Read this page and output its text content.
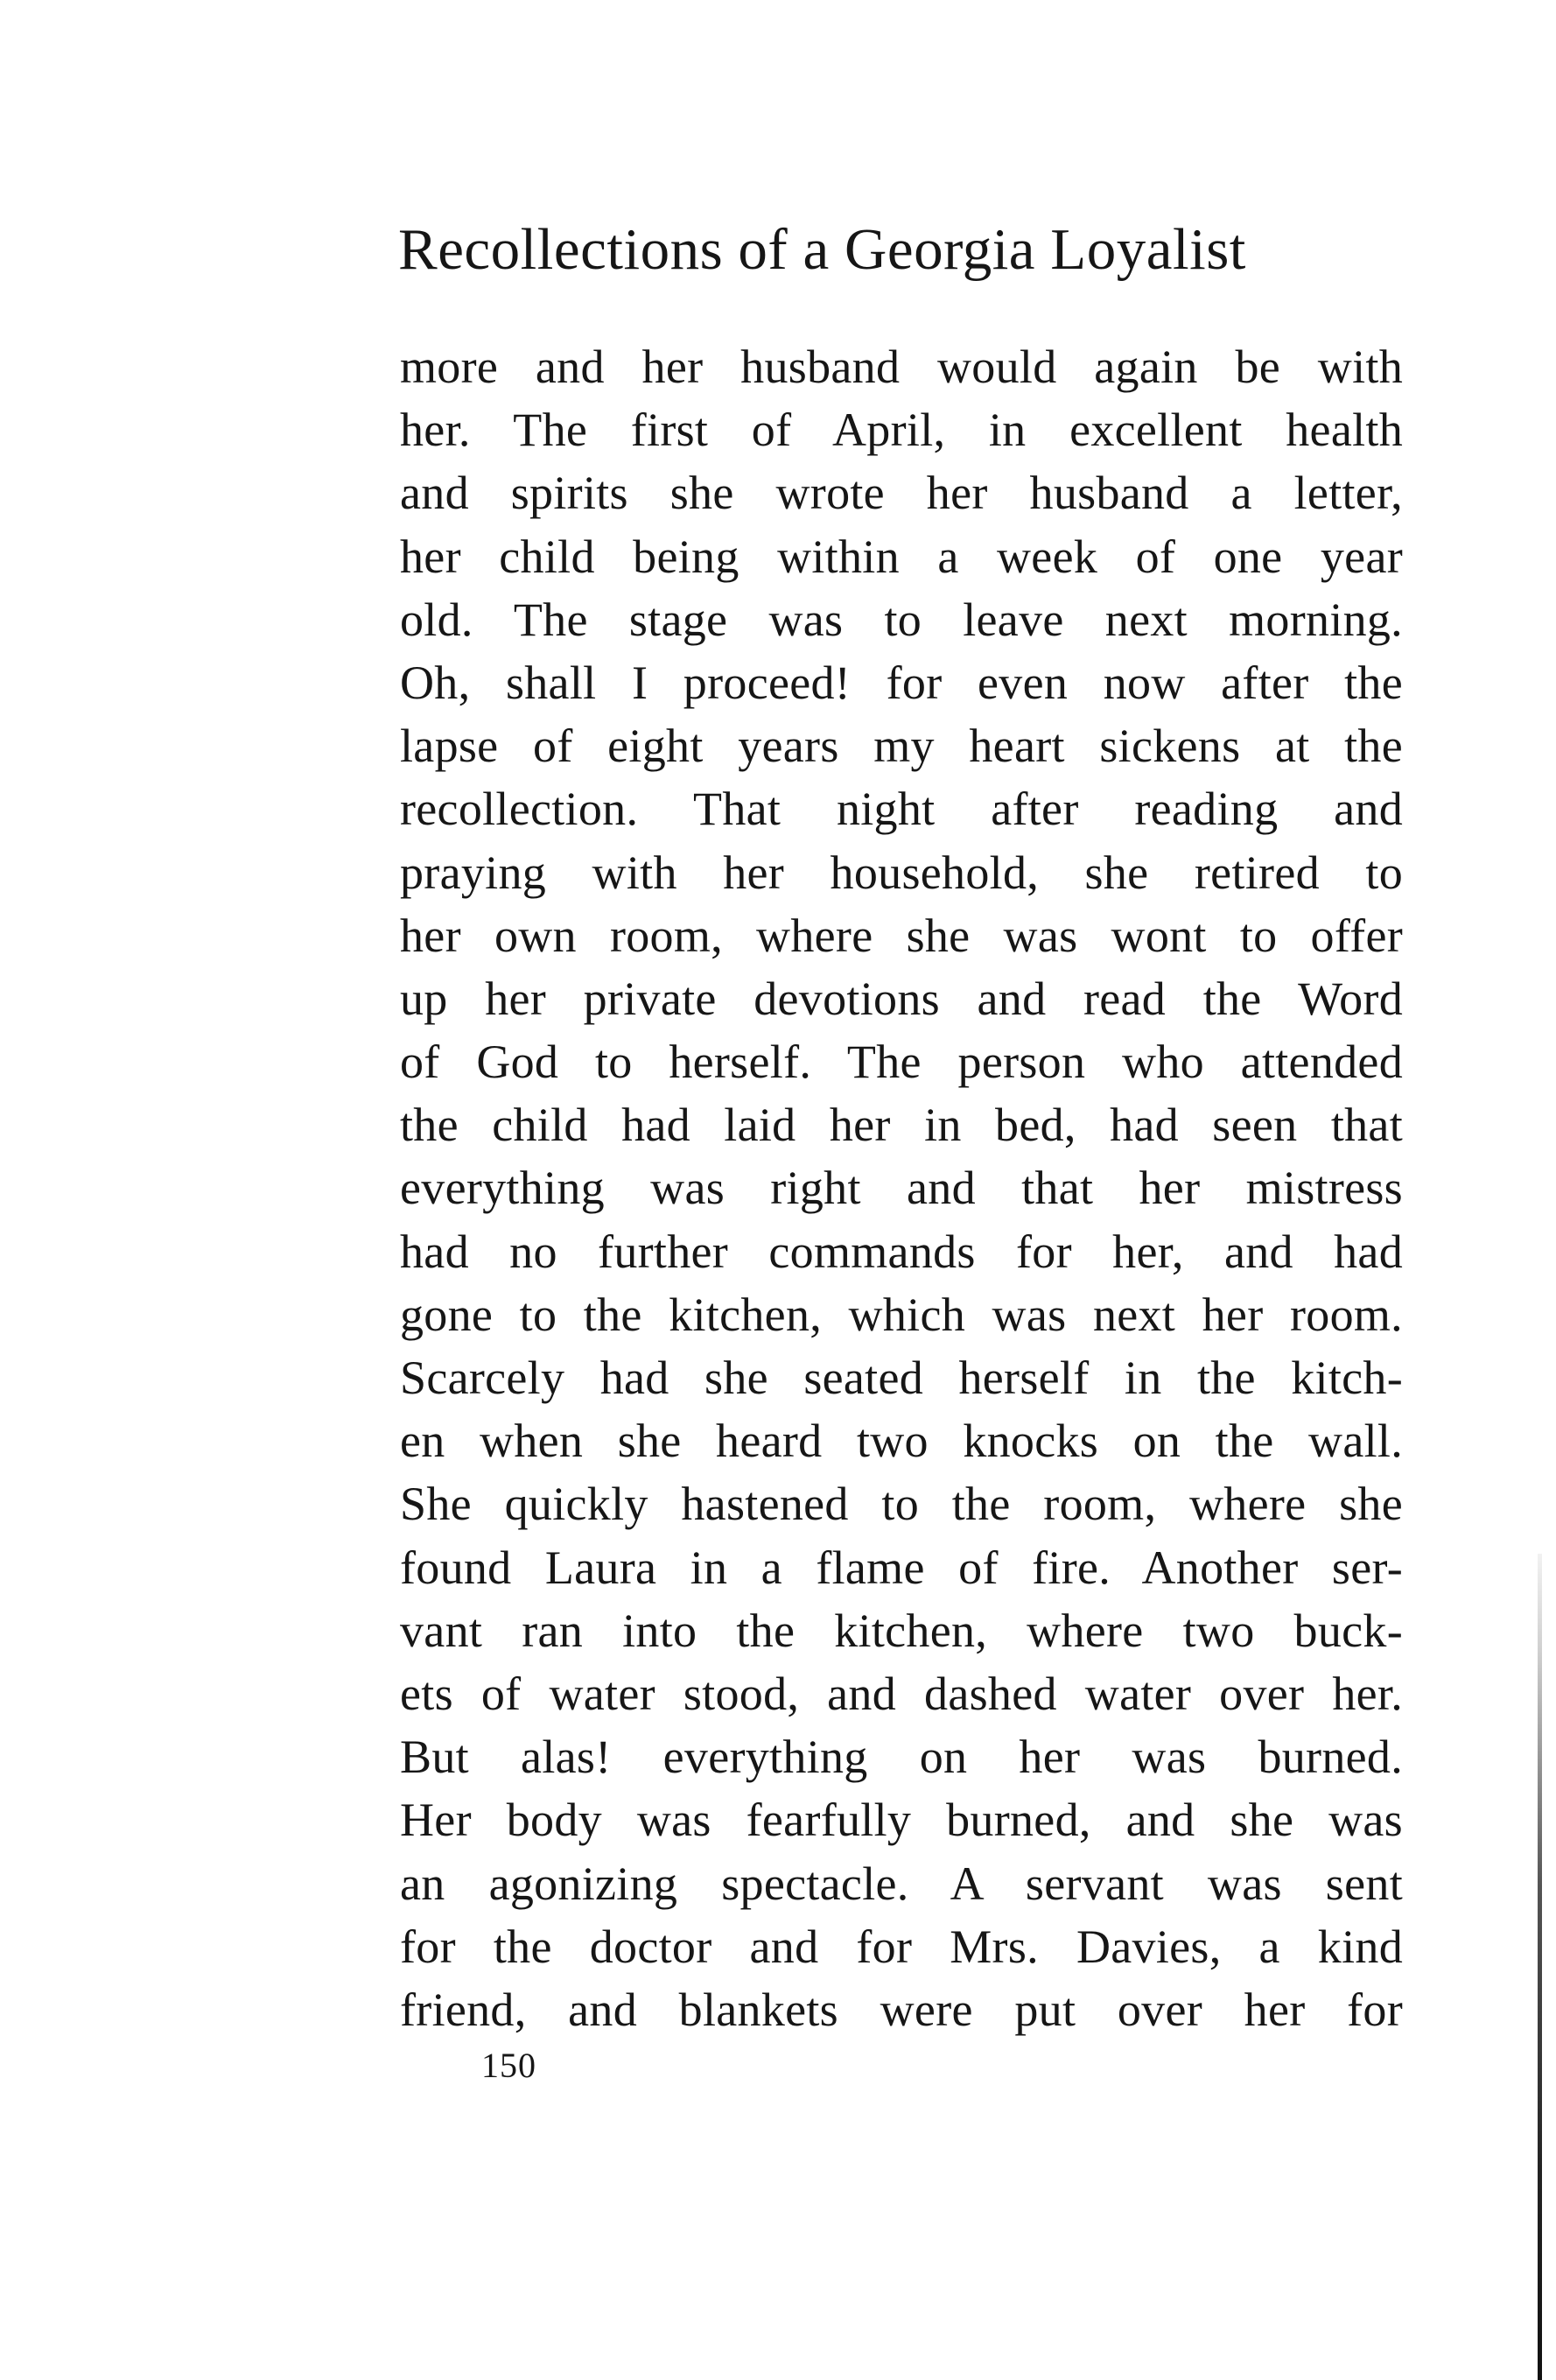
Recollections of a Georgia Loyalist
more and her husband would again be with
her. The first of April, in excellent health
and spirits she wrote her husband a letter,
her child being within a week of one year
old. The stage was to leave next morning.
Oh, shall I proceed! for even now after the
lapse of eight years my heart sickens at the
recollection. That night after reading and
praying with her household, she retired to
her own room, where she was wont to offer
up her private devotions and read the Word
of God to herself. The person who attended
the child had laid her in bed, had seen that
everything was right and that her mistress
had no further commands for her, and had
gone to the kitchen, which was next her room.
Scarcely had she seated herself in the kitch-
en when she heard two knocks on the wall.
She quickly hastened to the room, where she
found Laura in a flame of fire. Another ser-
vant ran into the kitchen, where two buck-
ets of water stood, and dashed water over her.
But alas! everything on her was burned.
Her body was fearfully burned, and she was
an agonizing spectacle. A servant was sent
for the doctor and for Mrs. Davies, a kind
friend, and blankets were put over her for
150
